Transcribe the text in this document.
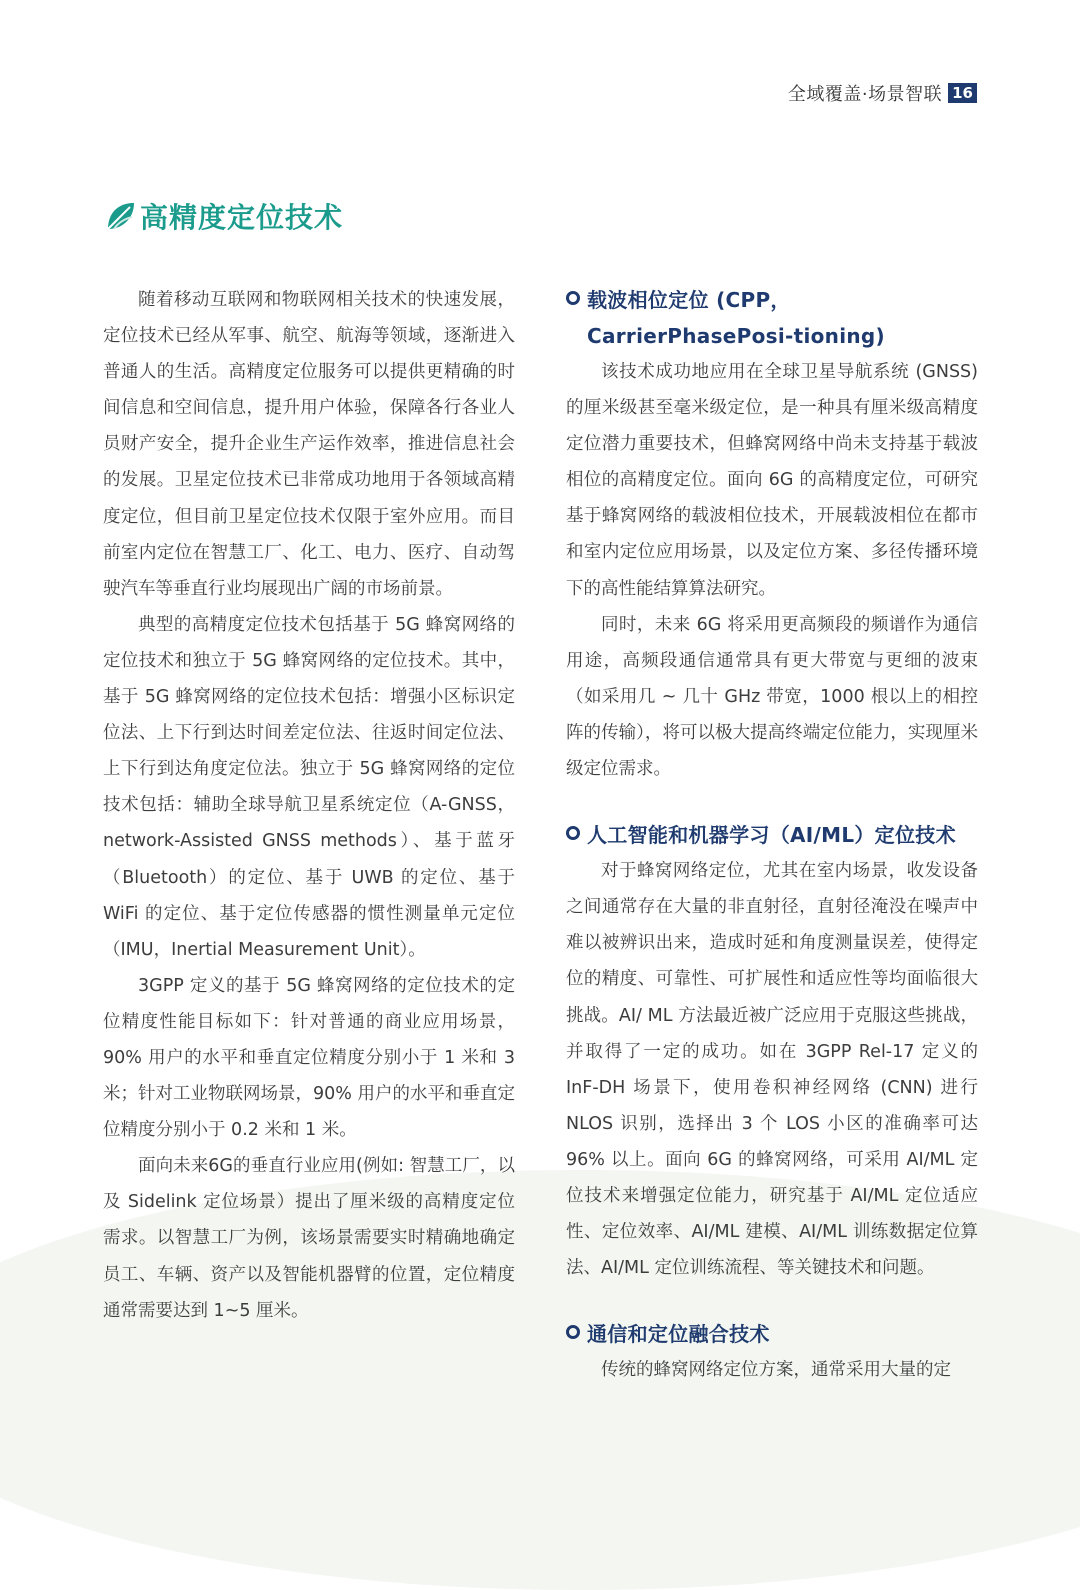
全域覆盖·场景智联 16
高精度定位技术

随着移动互联网和物联网相关技术的快速发展，定位技术已经从军事、航空、航海等领域，逐渐进入普通人的生活。高精度定位服务可以提供更精确的时间信息和空间信息，提升用户体验，保障各行各业人员财产安全，提升企业生产运作效率，推进信息社会的发展。卫星定位技术已非常成功地用于各领域高精度定位，但目前卫星定位技术仅限于室外应用。而目前室内定位在智慧工厂、化工、电力、医疗、自动驾驶汽车等垂直行业均展现出广阔的市场前景。

典型的高精度定位技术包括基于 5G 蜂窝网络的定位技术和独立于 5G 蜂窝网络的定位技术。其中，基于 5G 蜂窝网络的定位技术包括：增强小区标识定位法、上下行到达时间差定位法、往返时间定位法、上下行到达角度定位法。独立于 5G 蜂窝网络的定位技术包括：辅助全球导航卫星系统定位（A-GNSS，network-Assisted GNSS methods）、基于蓝牙（Bluetooth）的定位、基于 UWB 的定位、基于 WiFi 的定位、基于定位传感器的惯性测量单元定位（IMU，Inertial Measurement Unit）。

3GPP 定义的基于 5G 蜂窝网络的定位技术的定位精度性能目标如下：针对普通的商业应用场景，90% 用户的水平和垂直定位精度分别小于 1 米和 3 米；针对工业物联网场景，90% 用户的水平和垂直定位精度分别小于 0.2 米和 1 米。

面向未来6G的垂直行业应用(例如: 智慧工厂，以及 Sidelink 定位场景）提出了厘米级的高精度定位需求。以智慧工厂为例，该场景需要实时精确地确定员工、车辆、资产以及智能机器臂的位置，定位精度通常需要达到 1~5 厘米。

载波相位定位 (CPP，CarrierPhasePosi-tioning)

该技术成功地应用在全球卫星导航系统 (GNSS) 的厘米级甚至毫米级定位，是一种具有厘米级高精度定位潜力重要技术，但蜂窝网络中尚未支持基于载波相位的高精度定位。面向 6G 的高精度定位，可研究基于蜂窝网络的载波相位技术，开展载波相位在都市和室内定位应用场景，以及定位方案、多径传播环境下的高性能结算算法研究。

同时，未来 6G 将采用更高频段的频谱作为通信用途，高频段通信通常具有更大带宽与更细的波束（如采用几 ~ 几十 GHz 带宽，1000 根以上的相控阵的传输），将可以极大提高终端定位能力，实现厘米级定位需求。

人工智能和机器学习（AI/ML）定位技术

对于蜂窝网络定位，尤其在室内场景，收发设备之间通常存在大量的非直射径，直射径淹没在噪声中难以被辨识出来，造成时延和角度测量误差，使得定位的精度、可靠性、可扩展性和适应性等均面临很大挑战。AI/ ML 方法最近被广泛应用于克服这些挑战，并取得了一定的成功。如在 3GPP Rel-17 定义的 InF-DH 场景下，使用卷积神经网络 (CNN) 进行 NLOS 识别，选择出 3 个 LOS 小区的准确率可达 96% 以上。面向 6G 的蜂窝网络，可采用 AI/ML 定位技术来增强定位能力，研究基于 AI/ML 定位适应性、定位效率、AI/ML 建模、AI/ML 训练数据定位算法、AI/ML 定位训练流程、等关键技术和问题。

通信和定位融合技术

传统的蜂窝网络定位方案，通常采用大量的定
